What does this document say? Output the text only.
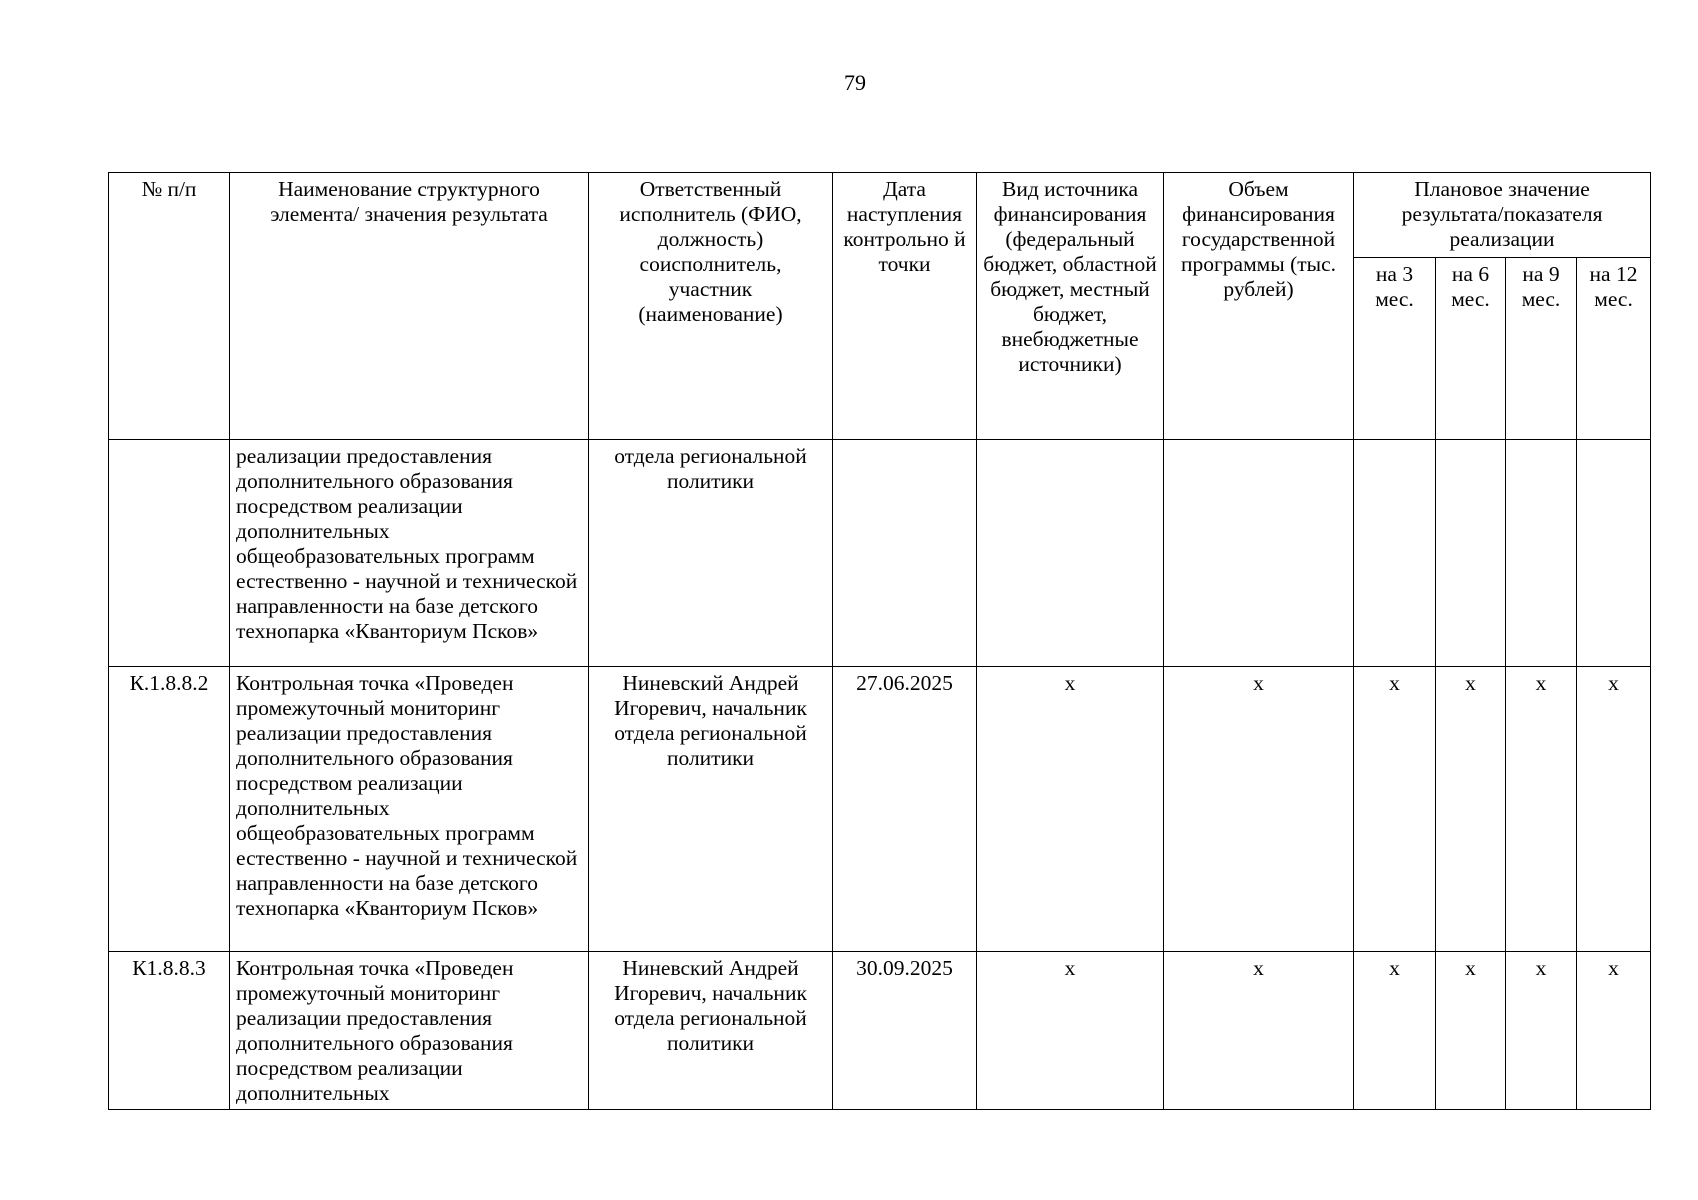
79
№ п/п	Наименование структурного элемента/ значения результата	Ответственный исполнитель (ФИО, должность) соисполнитель, участник (наименование)	Дата наступления контрольно й точки	Вид источника финансирования (федеральный бюджет, областной бюджет, местный бюджет, внебюджетные источники)	Объем финансирования государственной программы (тыс. рублей)	Плановое значение результата/показателя реализации			
						на 3 мес.	на 6 мес.	на 9 мес.	на 12 мес.
	реализации предоставления дополнительного образования посредством реализации дополнительных общеобразовательных программ естественно - научной и технической направленности на базе детского технопарка «Кванториум Псков»	отдела региональной политики							
К.1.8.8.2	Контрольная точка «Проведен промежуточный мониторинг реализации предоставления дополнительного образования посредством реализации дополнительных общеобразовательных программ естественно - научной и технической направленности на базе детского технопарка «Кванториум Псков»	Ниневский Андрей Игоревич, начальник отдела региональной политики	27.06.2025	х	х	х	х	х	х
К1.8.8.3	Контрольная точка «Проведен промежуточный мониторинг реализации предоставления дополнительного образования посредством реализации дополнительных	Ниневский Андрей Игоревич, начальник отдела региональной политики	30.09.2025	х	х	х	х	х	х
